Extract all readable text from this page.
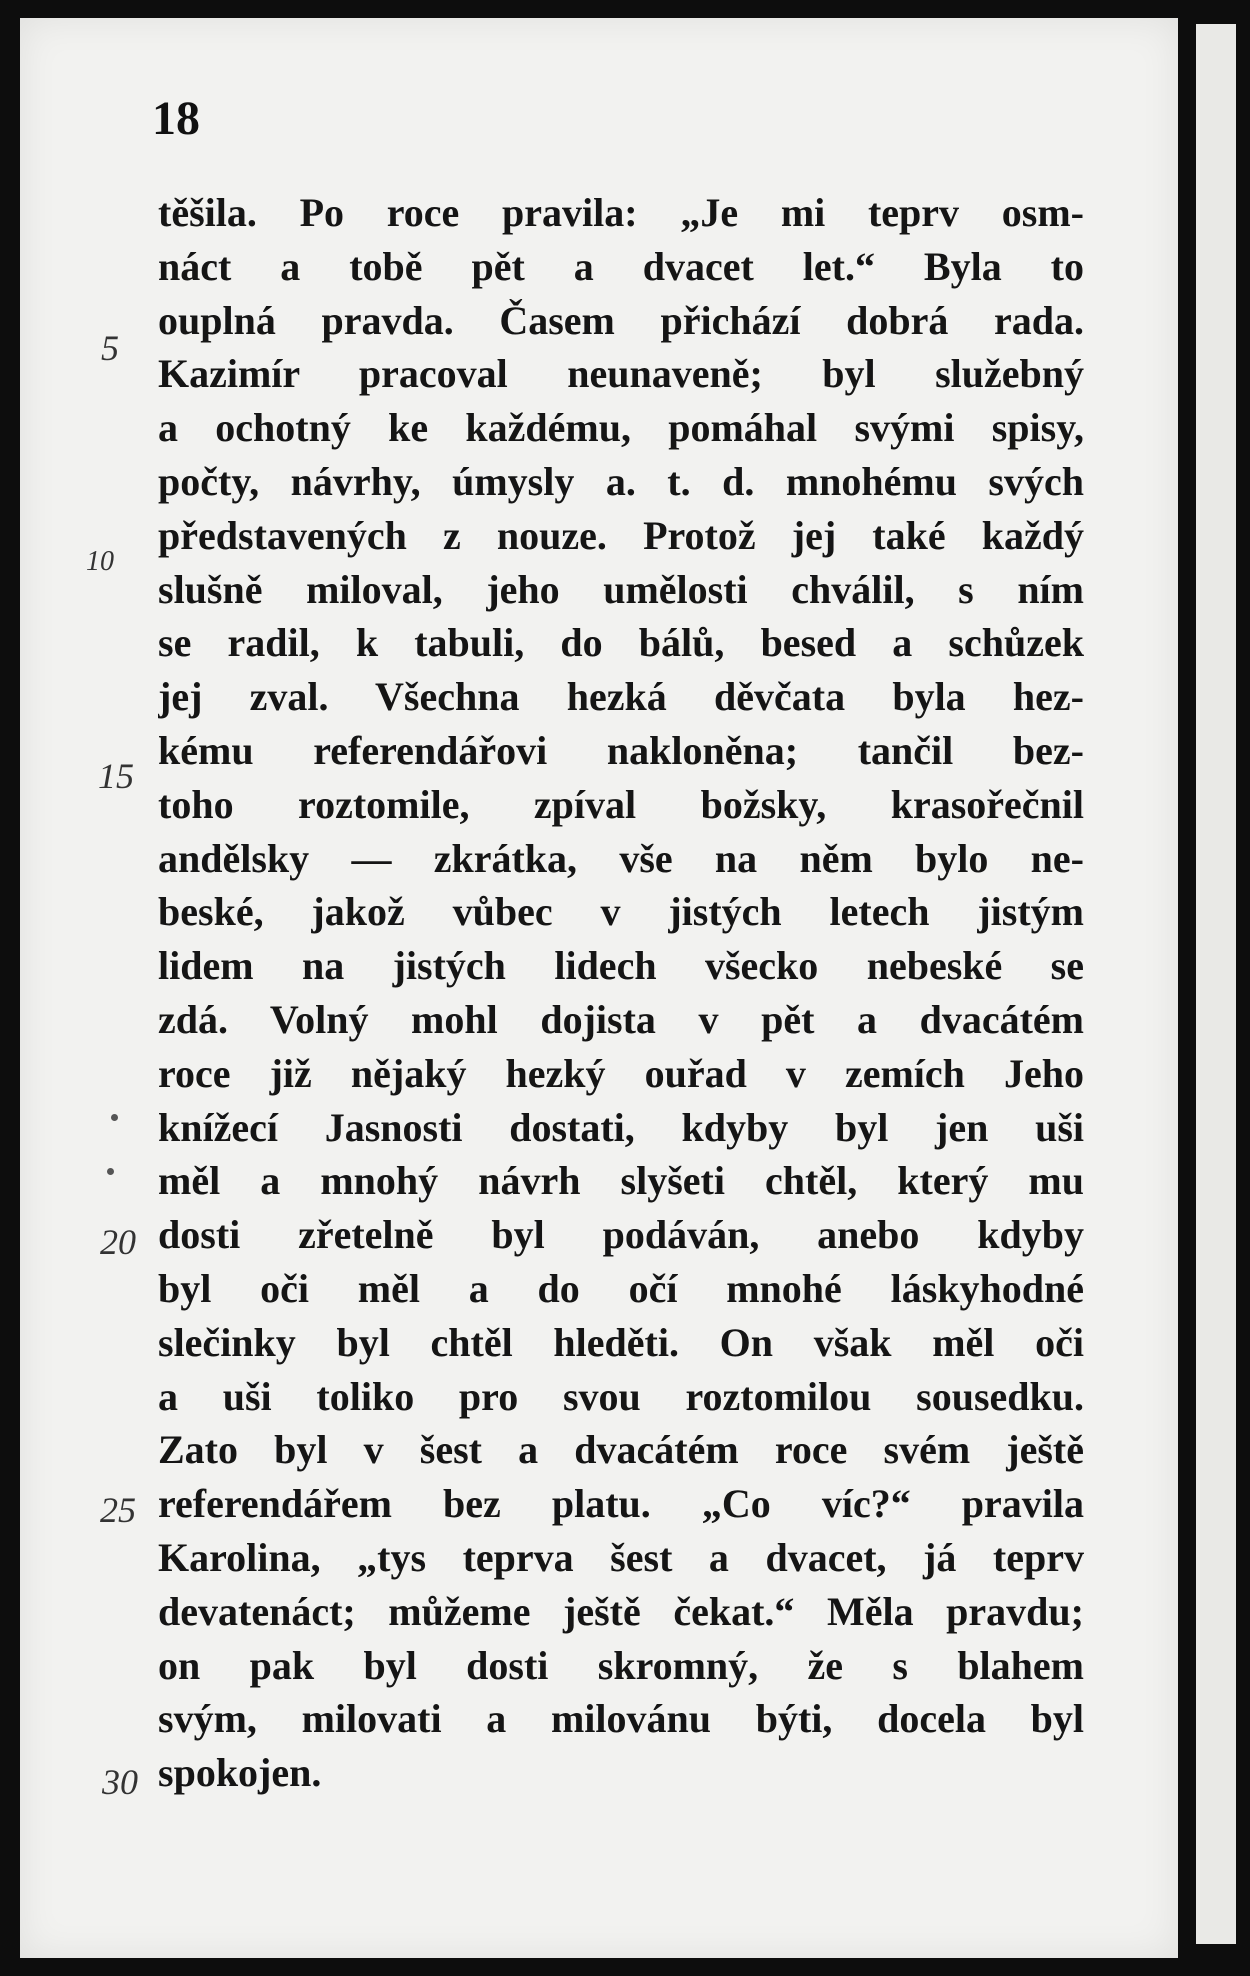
18
5
10
15
20
25
30
těšila. Po roce pravila: „Je mi teprv osm-
náct a tobě pět a dvacet let.“ Byla to
ouplná pravda. Časem přichází dobrá rada.
Kazimír pracoval neunaveně; byl služebný
a ochotný ke každému, pomáhal svými spisy,
počty, návrhy, úmysly a. t. d. mnohému svých
představených z nouze. Protož jej také každý
slušně miloval, jeho umělosti chválil, s ním
se radil, k tabuli, do bálů, besed a schůzek
jej zval. Všechna hezká děvčata byla hez-
kému referendářovi nakloněna; tančil bez-
toho roztomile, zpíval božsky, krasořečnil
andělsky — zkrátka, vše na něm bylo ne-
beské, jakož vůbec v jistých letech jistým
lidem na jistých lidech všecko nebeské se
zdá. Volný mohl dojista v pět a dvacátém
roce již nějaký hezký ouřad v zemích Jeho
knížecí Jasnosti dostati, kdyby byl jen uši
měl a mnohý návrh slyšeti chtěl, který mu
dosti zřetelně byl podáván, anebo kdyby
byl oči měl a do očí mnohé láskyhodné
slečinky byl chtěl hleděti. On však měl oči
a uši toliko pro svou roztomilou sousedku.
Zato byl v šest a dvacátém roce svém ještě
referendářem bez platu. „Co víc?“ pravila
Karolina, „tys teprva šest a dvacet, já teprv
devatenáct; můžeme ještě čekat.“ Měla pravdu;
on pak byl dosti skromný, že s blahem
svým, milovati a milovánu býti, docela byl
spokojen.
